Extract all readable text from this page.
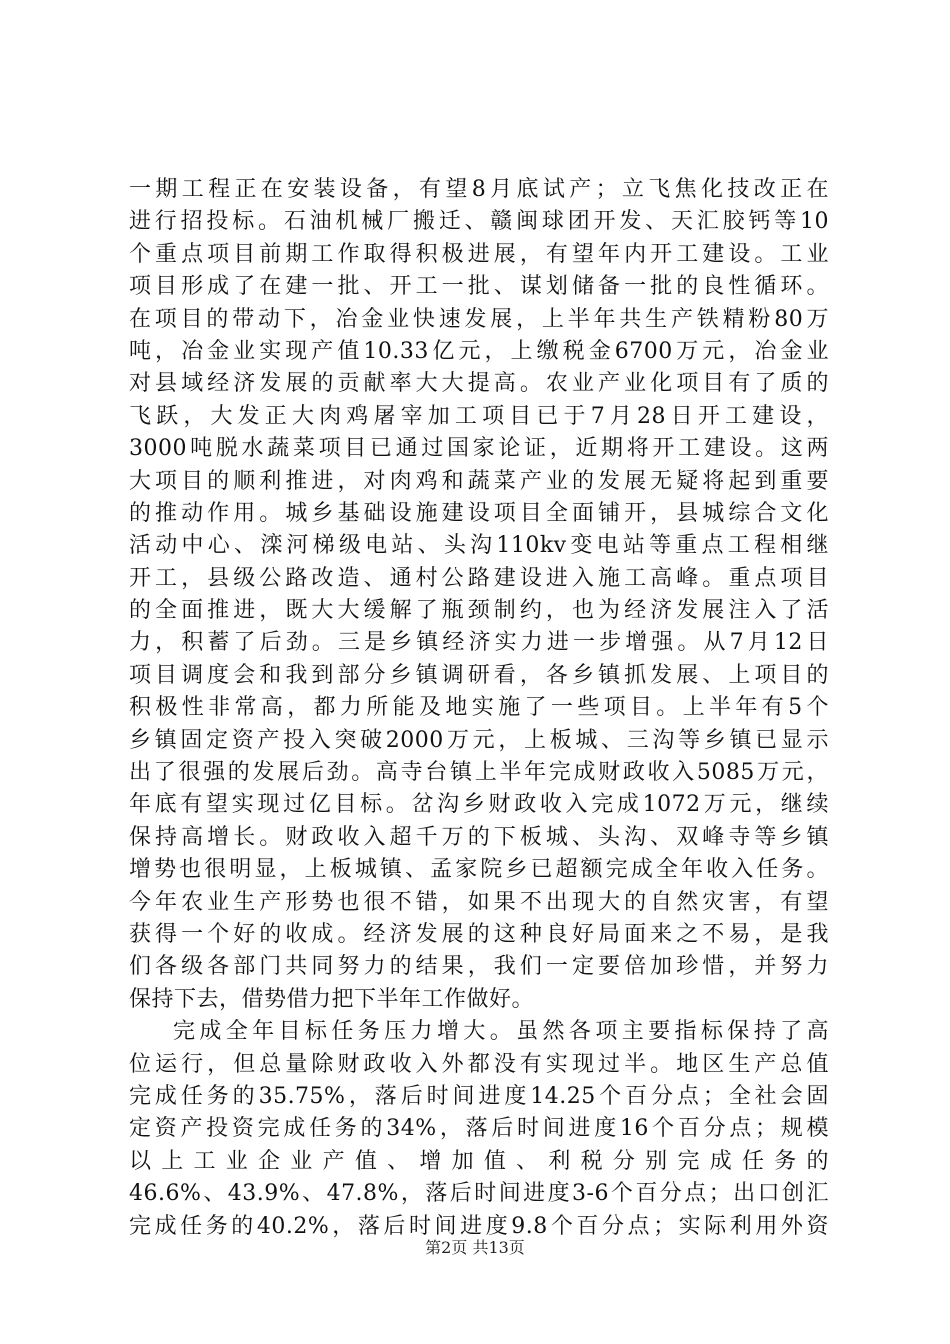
一期工程正在安装设备，有望8月底试产；立飞焦化技改正在
进行招投标。石油机械厂搬迁、赣闽球团开发、天汇胶钙等10
个重点项目前期工作取得积极进展，有望年内开工建设。工业
项目形成了在建一批、开工一批、谋划储备一批的良性循环。
在项目的带动下，冶金业快速发展，上半年共生产铁精粉80万
吨，冶金业实现产值10.33亿元，上缴税金6700万元，冶金业
对县域经济发展的贡献率大大提高。农业产业化项目有了质的
飞跃，大发正大肉鸡屠宰加工项目已于7月28日开工建设，
3000吨脱水蔬菜项目已通过国家论证，近期将开工建设。这两
大项目的顺利推进，对肉鸡和蔬菜产业的发展无疑将起到重要
的推动作用。城乡基础设施建设项目全面铺开，县城综合文化
活动中心、滦河梯级电站、头沟110kv变电站等重点工程相继
开工，县级公路改造、通村公路建设进入施工高峰。重点项目
的全面推进，既大大缓解了瓶颈制约，也为经济发展注入了活
力，积蓄了后劲。三是乡镇经济实力进一步增强。从7月12日
项目调度会和我到部分乡镇调研看，各乡镇抓发展、上项目的
积极性非常高，都力所能及地实施了一些项目。上半年有5个
乡镇固定资产投入突破2000万元，上板城、三沟等乡镇已显示
出了很强的发展后劲。高寺台镇上半年完成财政收入5085万元，
年底有望实现过亿目标。岔沟乡财政收入完成1072万元，继续
保持高增长。财政收入超千万的下板城、头沟、双峰寺等乡镇
增势也很明显，上板城镇、孟家院乡已超额完成全年收入任务。
今年农业生产形势也很不错，如果不出现大的自然灾害，有望
获得一个好的收成。经济发展的这种良好局面来之不易，是我
们各级各部门共同努力的结果，我们一定要倍加珍惜，并努力
保持下去，借势借力把下半年工作做好。
完成全年目标任务压力增大。虽然各项主要指标保持了高
位运行，但总量除财政收入外都没有实现过半。地区生产总值
完成任务的35.75%，落后时间进度14.25个百分点；全社会固
定资产投资完成任务的34%，落后时间进度16个百分点；规模
以上工业企业产值、增加值、利税分别完成任务的
46.6%、43.9%、47.8%，落后时间进度3-6个百分点；出口创汇
完成任务的40.2%，落后时间进度9.8个百分点；实际利用外资
第2页 共13页
